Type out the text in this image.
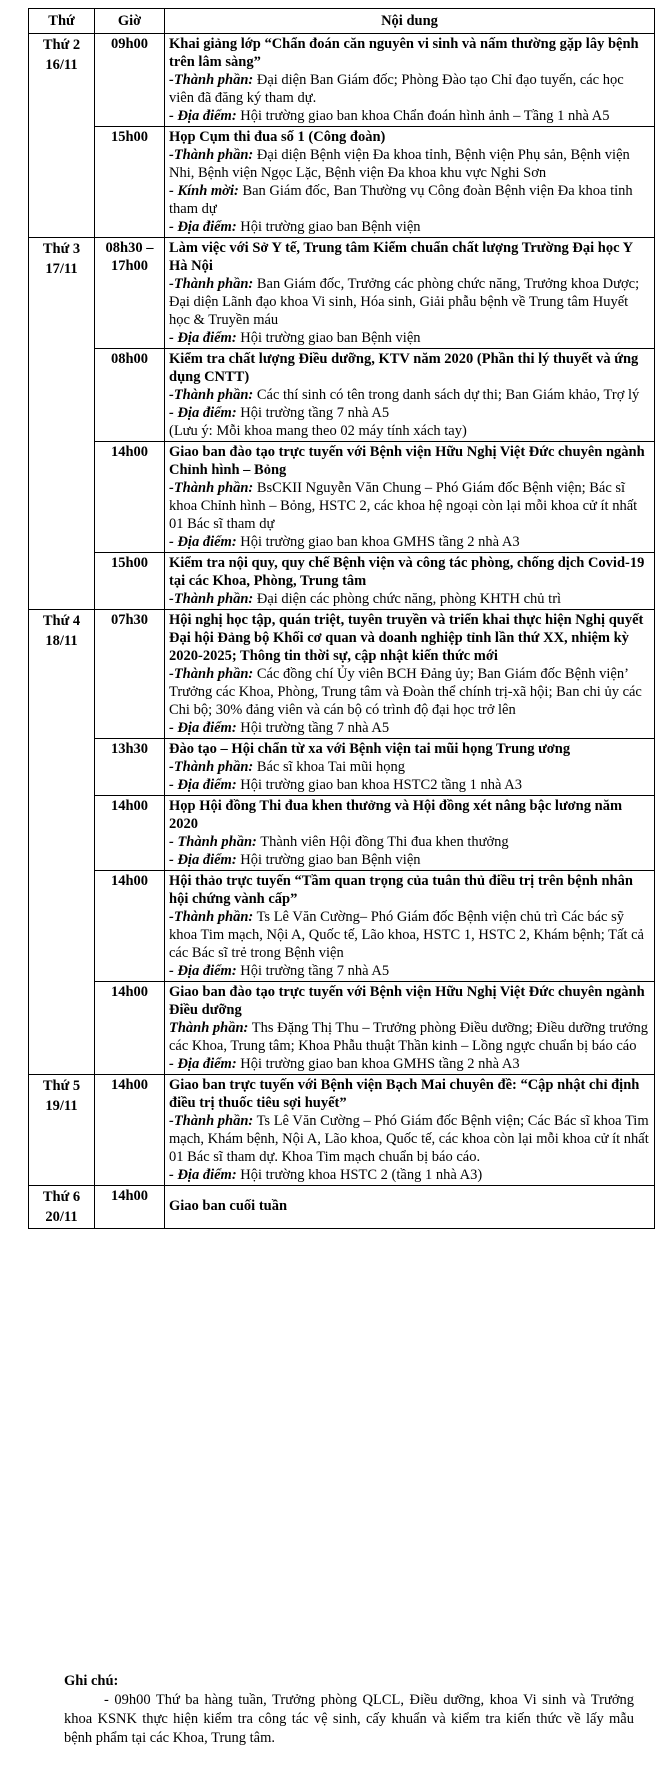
Thứ	Giờ	Nội dung

Thứ 2
16/11	09h00	Khai giảng lớp “Chẩn đoán căn nguyên vi sinh và nấm thường gặp lây bệnh trên lâm sàng”
-Thành phần: Đại diện Ban Giám đốc; Phòng Đào tạo Chỉ đạo tuyến, các học viên đã đăng ký tham dự.
- Địa điểm: Hội trường giao ban khoa Chẩn đoán hình ảnh – Tầng 1 nhà A5

	15h00	Họp Cụm thi đua số 1 (Công đoàn)
-Thành phần: Đại diện Bệnh viện Đa khoa tỉnh, Bệnh viện Phụ sản, Bệnh viện Nhi, Bệnh viện Ngọc Lặc, Bệnh viện Đa khoa khu vực Nghi Sơn
- Kính mời: Ban Giám đốc, Ban Thường vụ Công đoàn Bệnh viện Đa khoa tỉnh tham dự
- Địa điểm: Hội trường giao ban Bệnh viện

Thứ 3
17/11	08h30 – 17h00	Làm việc với Sở Y tế, Trung tâm Kiểm chuẩn chất lượng Trường Đại học Y Hà Nội
-Thành phần: Ban Giám đốc, Trưởng các phòng chức năng, Trưởng khoa Dược; Đại diện Lãnh đạo khoa Vi sinh, Hóa sinh, Giải phẫu bệnh về Trung tâm Huyết học & Truyền máu
- Địa điểm: Hội trường giao ban Bệnh viện

	08h00	Kiểm tra chất lượng Điều dưỡng, KTV năm 2020 (Phần thi lý thuyết và ứng dụng CNTT)
-Thành phần: Các thí sinh có tên trong danh sách dự thi; Ban Giám khảo, Trợ lý
- Địa điểm: Hội trường tầng 7 nhà A5
(Lưu ý: Mỗi khoa mang theo 02 máy tính xách tay)

	14h00	Giao ban đào tạo trực tuyến với Bệnh viện Hữu Nghị Việt Đức chuyên ngành Chỉnh hình – Bỏng
-Thành phần: BsCKII Nguyễn Văn Chung – Phó Giám đốc Bệnh viện; Bác sĩ khoa Chỉnh hình – Bỏng, HSTC 2, các khoa hệ ngoại còn lại mỗi khoa cử ít nhất 01 Bác sĩ tham dự
- Địa điểm: Hội trường giao ban khoa GMHS tầng 2 nhà A3

	15h00	Kiểm tra nội quy, quy chế Bệnh viện và công tác phòng, chống dịch Covid-19 tại các Khoa, Phòng, Trung tâm
-Thành phần: Đại diện các phòng chức năng, phòng KHTH chủ trì

Thứ 4
18/11	07h30	Hội nghị học tập, quán triệt, tuyên truyền và triển khai thực hiện Nghị quyết Đại hội Đảng bộ Khối cơ quan và doanh nghiệp tỉnh lần thứ XX, nhiệm kỳ 2020-2025; Thông tin thời sự, cập nhật kiến thức mới
-Thành phần: Các đồng chí Ủy viên BCH Đảng ủy; Ban Giám đốc Bệnh viện’ Trưởng các Khoa, Phòng, Trung tâm và Đoàn thể chính trị-xã hội; Ban chi ủy các Chi bộ; 30% đảng viên và cán bộ có trình độ đại học trở lên
- Địa điểm: Hội trường tầng 7 nhà A5

	13h30	Đào tạo – Hội chẩn từ xa với Bệnh viện tai mũi họng Trung ương
-Thành phần: Bác sĩ khoa Tai mũi họng
- Địa điểm: Hội trường giao ban khoa HSTC2 tầng 1 nhà A3

	14h00	Họp Hội đồng Thi đua khen thưởng và Hội đồng xét nâng bậc lương năm 2020
- Thành phần: Thành viên Hội đồng Thi đua khen thưởng
- Địa điểm: Hội trường giao ban Bệnh viện

	14h00	Hội thảo trực tuyến “Tầm quan trọng của tuân thủ điều trị trên bệnh nhân hội chứng vành cấp”
-Thành phần: Ts Lê Văn Cường– Phó Giám đốc Bệnh viện chủ trì Các bác sỹ khoa Tim mạch, Nội A, Quốc tế, Lão khoa, HSTC 1, HSTC 2, Khám bệnh; Tất cả các Bác sĩ trẻ trong Bệnh viện
- Địa điểm: Hội trường tầng 7 nhà A5

	14h00	Giao ban đào tạo trực tuyến với Bệnh viện Hữu Nghị Việt Đức chuyên ngành Điều dưỡng
Thành phần: Ths Đặng Thị Thu – Trưởng phòng Điều dưỡng; Điều dưỡng trưởng các Khoa, Trung tâm; Khoa Phẫu thuật Thần kinh – Lồng ngực chuẩn bị báo cáo
- Địa điểm: Hội trường giao ban khoa GMHS tầng 2 nhà A3

Thứ 5
19/11	14h00	Giao ban trực tuyến với Bệnh viện Bạch Mai chuyên đề: “Cập nhật chỉ định điều trị thuốc tiêu sợi huyết”
-Thành phần: Ts Lê Văn Cường – Phó Giám đốc Bệnh viện; Các Bác sĩ khoa Tim mạch, Khám bệnh, Nội A, Lão khoa, Quốc tế, các khoa còn lại mỗi khoa cử ít nhất 01 Bác sĩ tham dự. Khoa Tim mạch chuẩn bị báo cáo.
- Địa điểm: Hội trường khoa HSTC 2 (tầng 1 nhà A3)

Thứ 6
20/11	14h00	Giao ban cuối tuần
Ghi chú:
- 09h00 Thứ ba hàng tuần, Trưởng phòng QLCL, Điều dưỡng, khoa Vi sinh và Trưởng khoa KSNK thực hiện kiểm tra công tác vệ sinh, cấy khuẩn và kiểm tra kiến thức về lấy mẫu bệnh phẩm tại các Khoa, Trung tâm.
